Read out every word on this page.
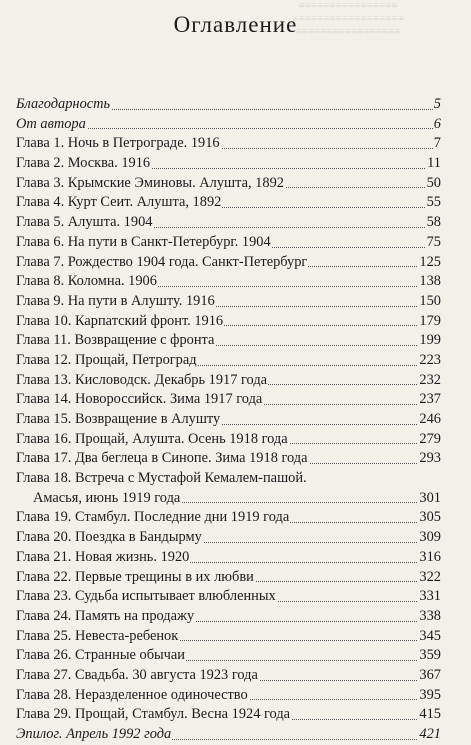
≡≡≡≡≡≡≡≡≡≡≡≡≡≡≡≡
≡≡≡≡≡≡≡≡≡≡≡≡≡≡≡≡≡≡
≡≡≡≡≡≡≡≡≡≡≡≡≡≡≡≡≡
Оглавление
Благодарность	5
От автора	6
Глава 1. Ночь в Петрограде. 1916	7
Глава 2. Москва. 1916	11
Глава 3. Крымские Эминовы. Алушта, 1892	50
Глава 4. Курт Сеит. Алушта, 1892	55
Глава 5. Алушта. 1904	58
Глава 6. На пути в Санкт-Петербург. 1904	75
Глава 7. Рождество 1904 года. Санкт-Петербург	125
Глава 8. Коломна. 1906	138
Глава 9. На пути в Алушту. 1916	150
Глава 10. Карпатский фронт. 1916	179
Глава 11. Возвращение с фронта	199
Глава 12. Прощай, Петроград	223
Глава 13. Кисловодск. Декабрь 1917 года	232
Глава 14. Новороссийск. Зима 1917 года	237
Глава 15. Возвращение в Алушту	246
Глава 16. Прощай, Алушта. Осень 1918 года	279
Глава 17. Два беглеца в Синопе. Зима 1918 года	293
Глава 18. Встреча с Мустафой Кемалем-пашой.
Амасья, июнь 1919 года	301
Глава 19. Стамбул. Последние дни 1919 года	305
Глава 20. Поездка в Бандырму	309
Глава 21. Новая жизнь. 1920	316
Глава 22. Первые трещины в их любви	322
Глава 23. Судьба испытывает влюбленных	331
Глава 24. Память на продажу	338
Глава 25. Невеста-ребенок	345
Глава 26. Странные обычаи	359
Глава 27. Свадьба. 30 августа 1923 года	367
Глава 28. Неразделенное одиночество	395
Глава 29. Прощай, Стамбул. Весна 1924 года	415
Эпилог. Апрель 1992 года	421
